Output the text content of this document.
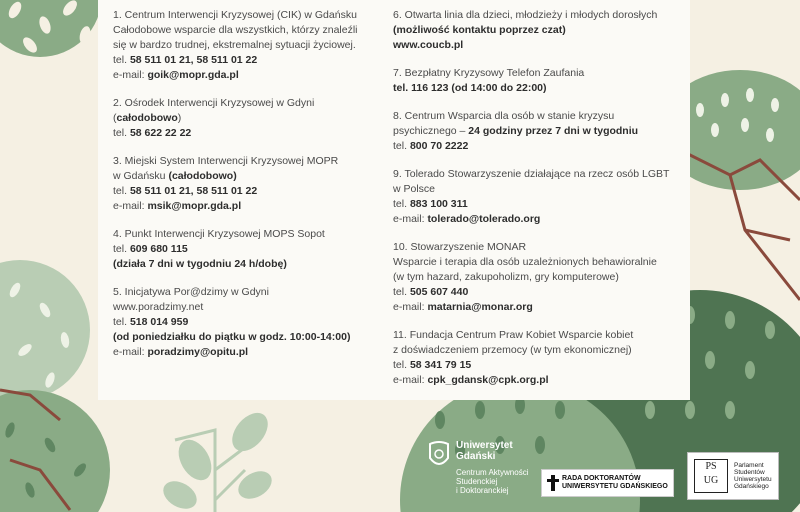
1. Centrum Interwencji Kryzysowej (CIK) w Gdańsku
Całodobowe wsparcie dla wszystkich, którzy znaleźli
się w bardzo trudnej, ekstremalnej sytuacji życiowej.
tel. 58 511 01 21, 58 511 01 22
e-mail: goik@mopr.gda.pl
2. Ośrodek Interwencji Kryzysowej w Gdyni
(całodobowo)
tel. 58 622 22 22
3. Miejski System Interwencji Kryzysowej MOPR
w Gdańsku (całodobowo)
tel. 58 511 01 21, 58 511 01 22
e-mail: msik@mopr.gda.pl
4. Punkt Interwencji Kryzysowej MOPS Sopot
tel. 609 680 115
(działa 7 dni w tygodniu 24 h/dobę)
5. Inicjatywa Por@dzimy w Gdyni
www.poradzimy.net
tel. 518 014 959
(od poniedziałku do piątku w godz. 10:00-14:00)
e-mail: poradzimy@opitu.pl
6. Otwarta linia dla dzieci, młodzieży i młodych dorosłych
(możliwość kontaktu poprzez czat)
www.coucb.pl
7. Bezpłatny Kryzysowy Telefon Zaufania
tel. 116 123 (od 14:00 do 22:00)
8. Centrum Wsparcia dla osób w stanie kryzysu
psychicznego – 24 godziny przez 7 dni w tygodniu
tel. 800 70 2222
9. Tolerado Stowarzyszenie działające na rzecz osób LGBT
w Polsce
tel. 883 100 311
e-mail: tolerado@tolerado.org
10. Stowarzyszenie MONAR
Wsparcie i terapia dla osób uzależnionych behawioralnie
(w tym hazard, zakupoholizm, gry komputerowe)
tel. 505 607 440
e-mail: matarnia@monar.org
11. Fundacja Centrum Praw Kobiet Wsparcie kobiet
z doświadczeniem przemocy (w tym ekonomicznej)
tel. 58 341 79 15
e-mail: cpk_gdansk@cpk.org.pl
Uniwersytet
Gdański
Centrum Aktywności
Studenckiej
i Doktoranckiej
RADA DOKTORANTÓW
UNIWERSYTETU GDAŃSKIEGO
PS
UG
Parlament
Studentów
Uniwersytetu
Gdańskiego
